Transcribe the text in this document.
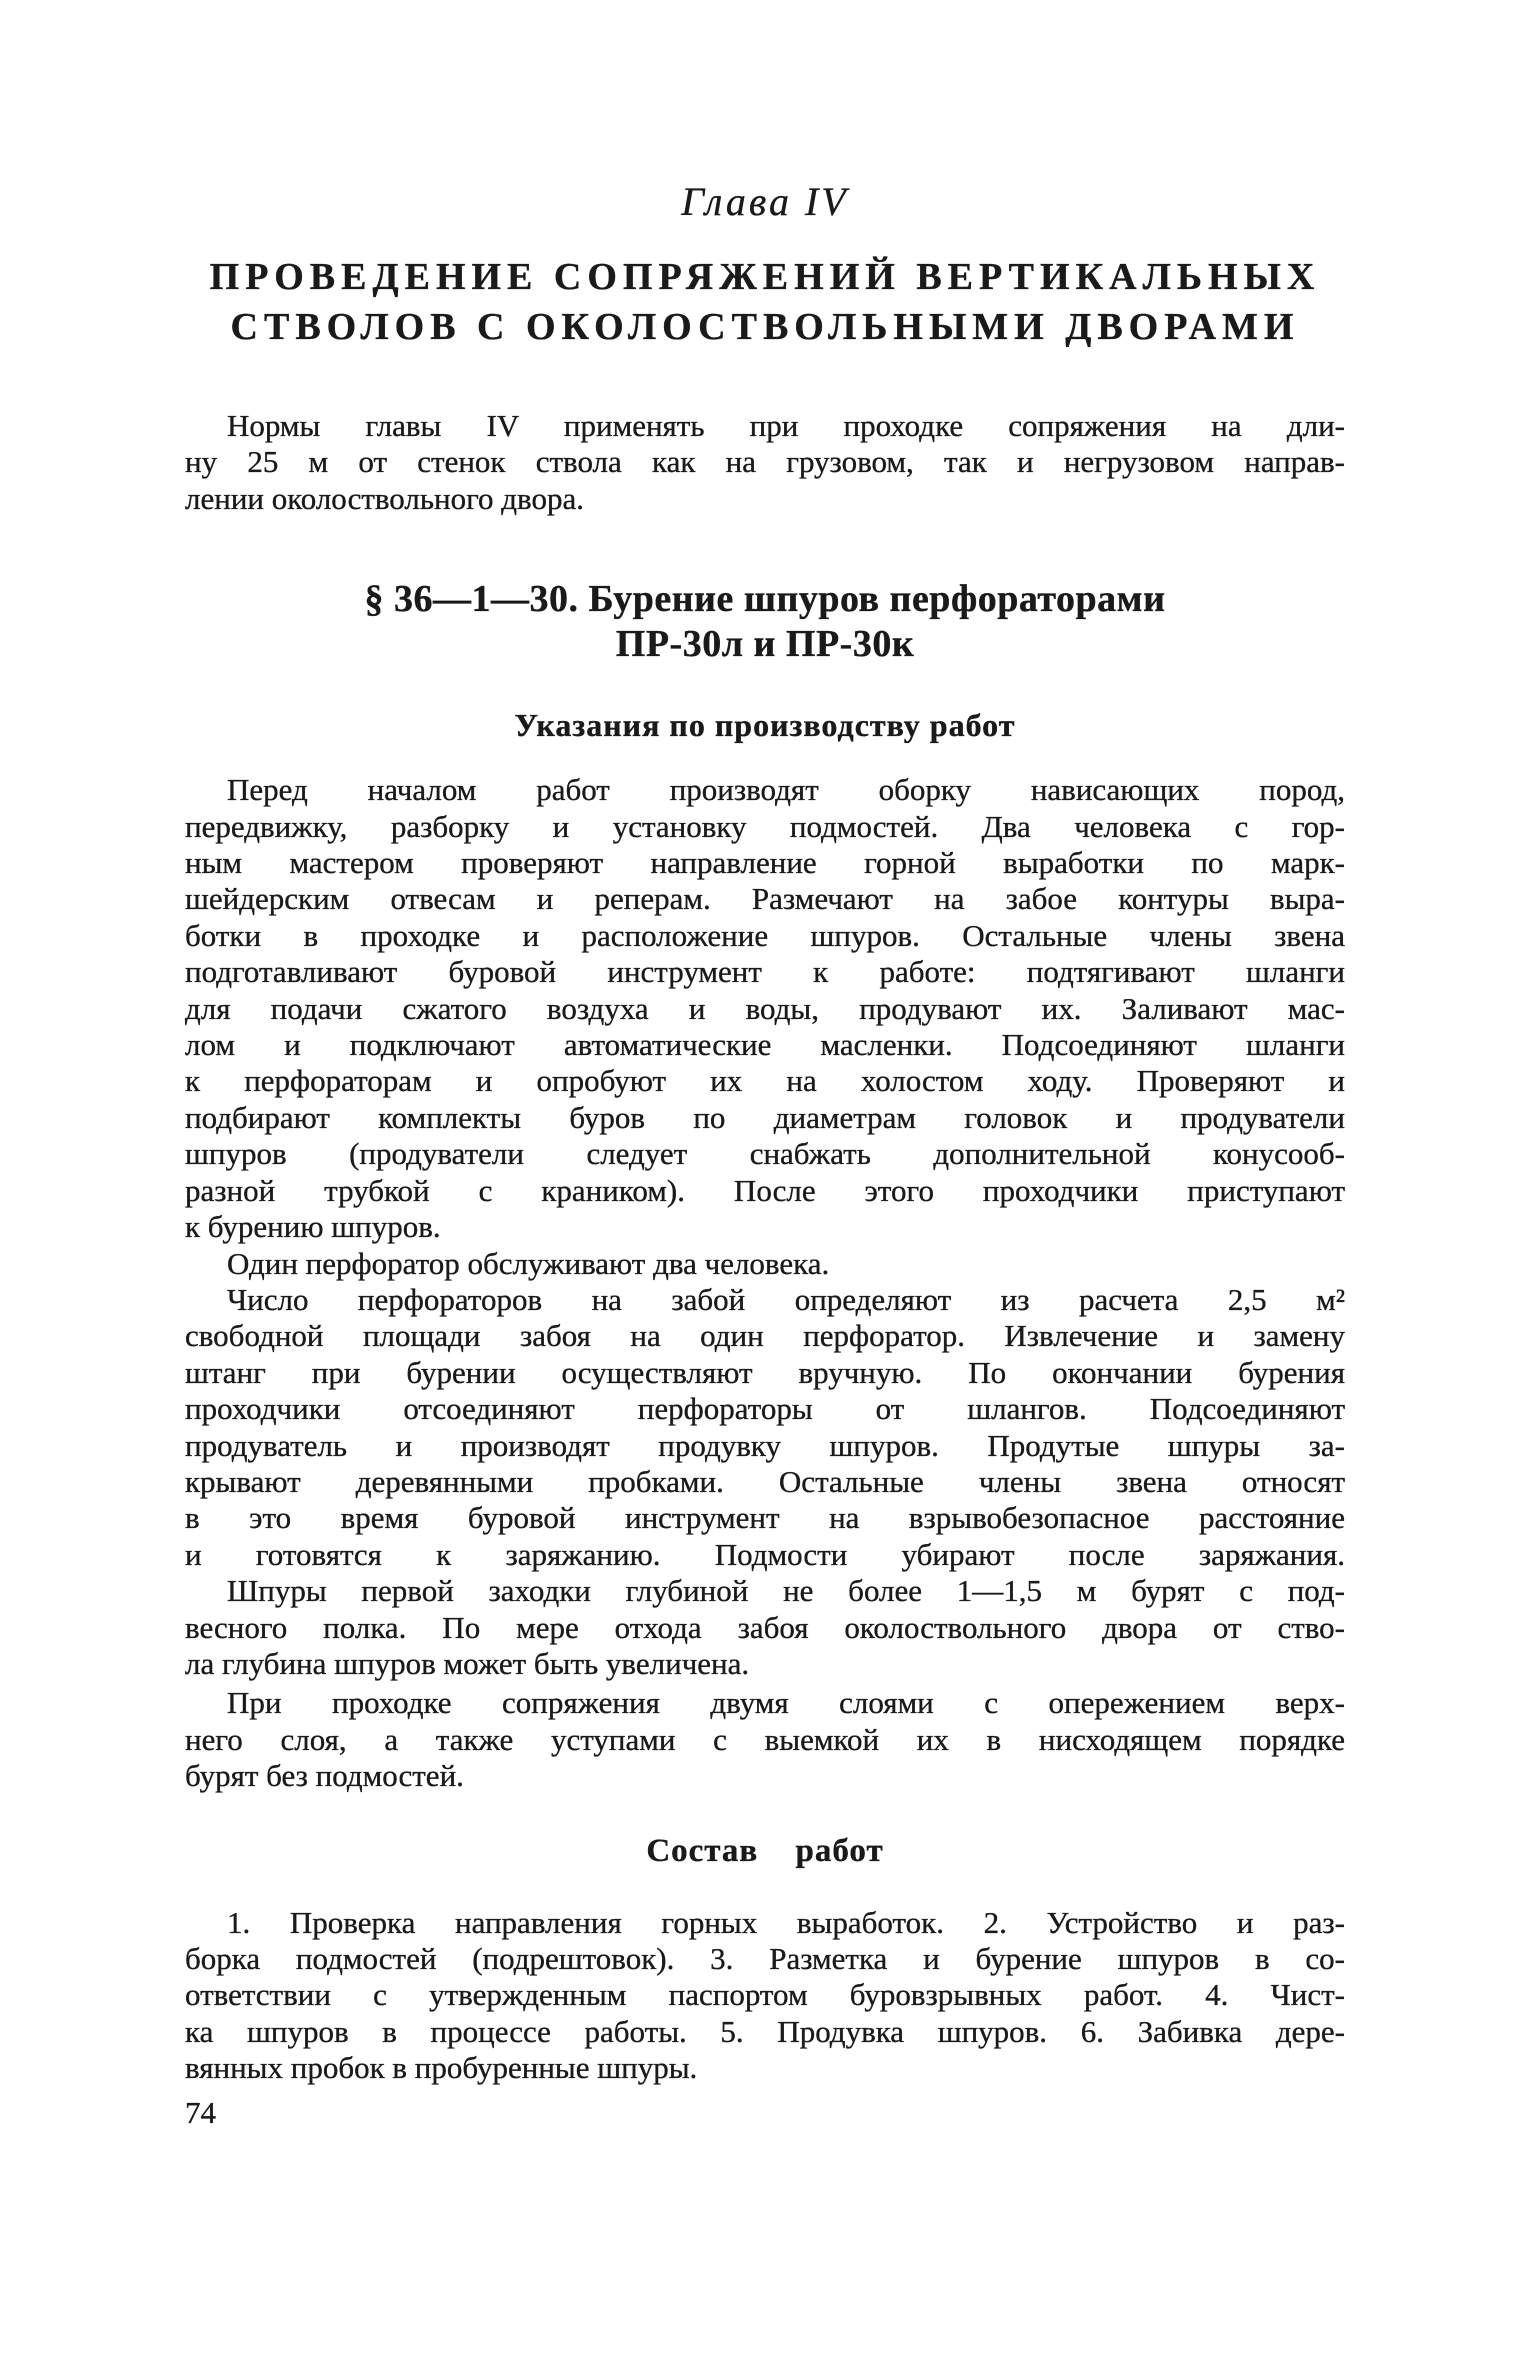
Глава IV
ПРОВЕДЕНИЕ СОПРЯЖЕНИЙ ВЕРТИКАЛЬНЫХ
СТВОЛОВ С ОКОЛОСТВОЛЬНЫМИ ДВОРАМИ
Нормы главы IV применять при проходке сопряжения на дли-
ну 25 м от стенок ствола как на грузовом, так и негрузовом направ-
лении околоствольного двора.
§ 36—1—30. Бурение шпуров перфораторами
ПР-30л и ПР-30к
Указания по производству работ
Перед началом работ производят оборку нависающих пород,
передвижку, разборку и установку подмостей. Два человека с гор-
ным мастером проверяют направление горной выработки по марк-
шейдерским отвесам и реперам. Размечают на забое контуры выра-
ботки в проходке и расположение шпуров. Остальные члены звена
подготавливают буровой инструмент к работе: подтягивают шланги
для подачи сжатого воздуха и воды, продувают их. Заливают мас-
лом и подключают автоматические масленки. Подсоединяют шланги
к перфораторам и опробуют их на холостом ходу. Проверяют и
подбирают комплекты буров по диаметрам головок и продуватели
шпуров (продуватели следует снабжать дополнительной конусооб-
разной трубкой с краником). После этого проходчики приступают
к бурению шпуров.
Один перфоратор обслуживают два человека.
Число перфораторов на забой определяют из расчета 2,5 м²
свободной площади забоя на один перфоратор. Извлечение и замену
штанг при бурении осуществляют вручную. По окончании бурения
проходчики отсоединяют перфораторы от шлангов. Подсоединяют
продуватель и производят продувку шпуров. Продутые шпуры за-
крывают деревянными пробками. Остальные члены звена относят
в это время буровой инструмент на взрывобезопасное расстояние
и готовятся к заряжанию. Подмости убирают после заряжания.
Шпуры первой заходки глубиной не более 1—1,5 м бурят с под-
весного полка. По мере отхода забоя околоствольного двора от ство-
ла глубина шпуров может быть увеличена.
При проходке сопряжения двумя слоями с опережением верх-
него слоя, а также уступами с выемкой их в нисходящем порядке
бурят без подмостей.
Состав работ
1. Проверка направления горных выработок. 2. Устройство и раз-
борка подмостей (подрештовок). 3. Разметка и бурение шпуров в со-
ответствии с утвержденным паспортом буровзрывных работ. 4. Чист-
ка шпуров в процессе работы. 5. Продувка шпуров. 6. Забивка дере-
вянных пробок в пробуренные шпуры.
74
